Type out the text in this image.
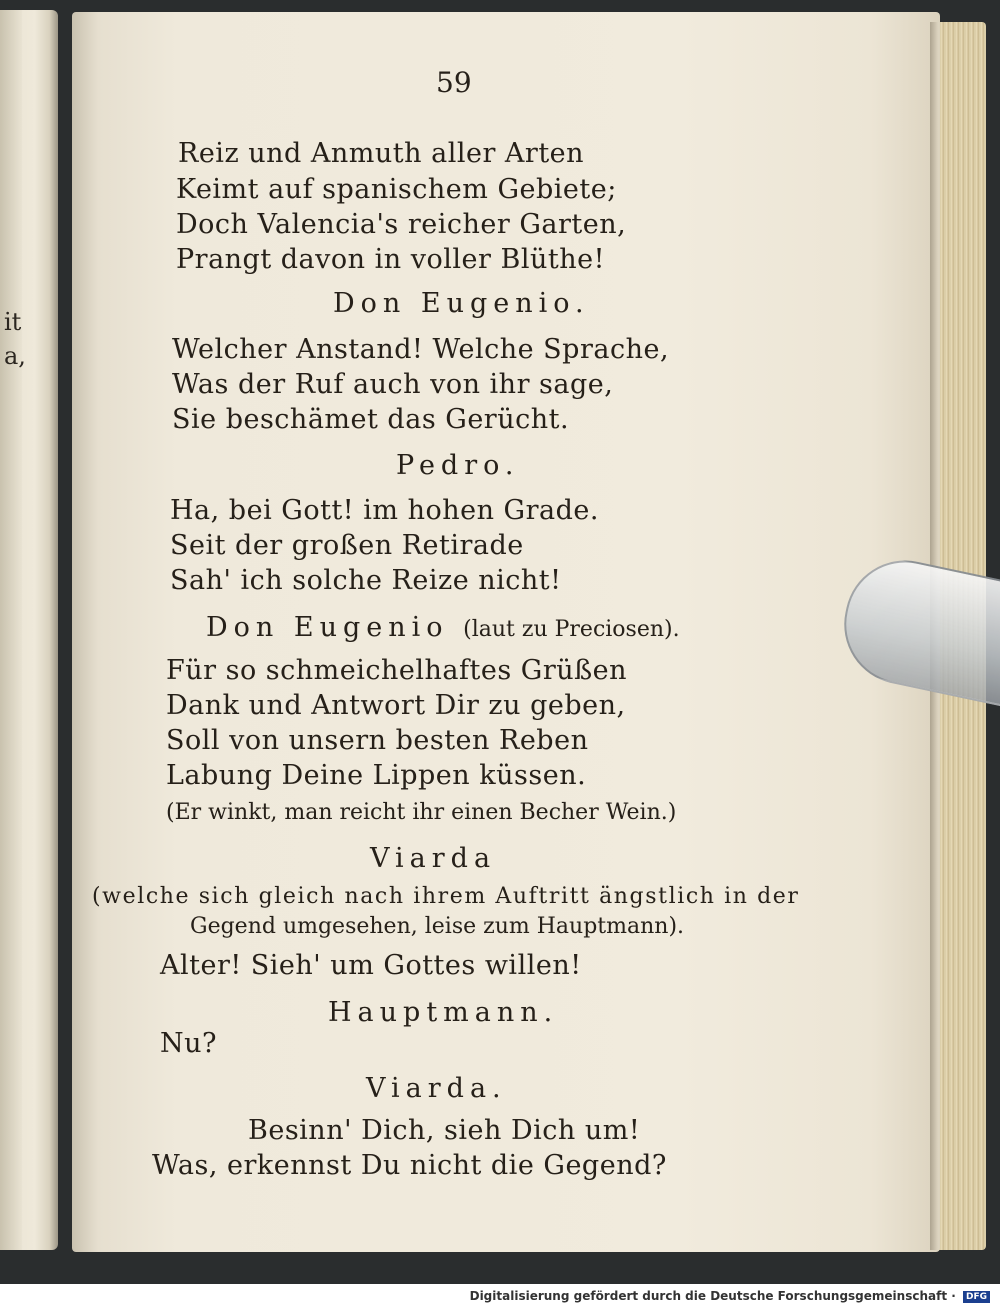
it
a,
59
Reiz und Anmuth aller Arten
Keimt auf spanischem Gebiete;
Doch Valencia's reicher Garten,
Prangt davon in voller Blüthe!
Don Eugenio.
Welcher Anstand! Welche Sprache,
Was der Ruf auch von ihr sage,
Sie beschämet das Gerücht.
Pedro.
Ha, bei Gott! im hohen Grade.
Seit der großen Retirade
Sah' ich solche Reize nicht!
Don Eugenio (laut zu Preciosen).
Für so schmeichelhaftes Grüßen
Dank und Antwort Dir zu geben,
Soll von unsern besten Reben
Labung Deine Lippen küssen.
(Er winkt, man reicht ihr einen Becher Wein.)
Viarda
(welche sich gleich nach ihrem Auftritt ängstlich in der
Gegend umgesehen, leise zum Hauptmann).
Alter! Sieh' um Gottes willen!
Hauptmann.
Nu?
Viarda.
Besinn' Dich, sieh Dich um!
Was, erkennst Du nicht die Gegend?
Digitalisierung gefördert durch die Deutsche Forschungsgemeinschaft · DFG
